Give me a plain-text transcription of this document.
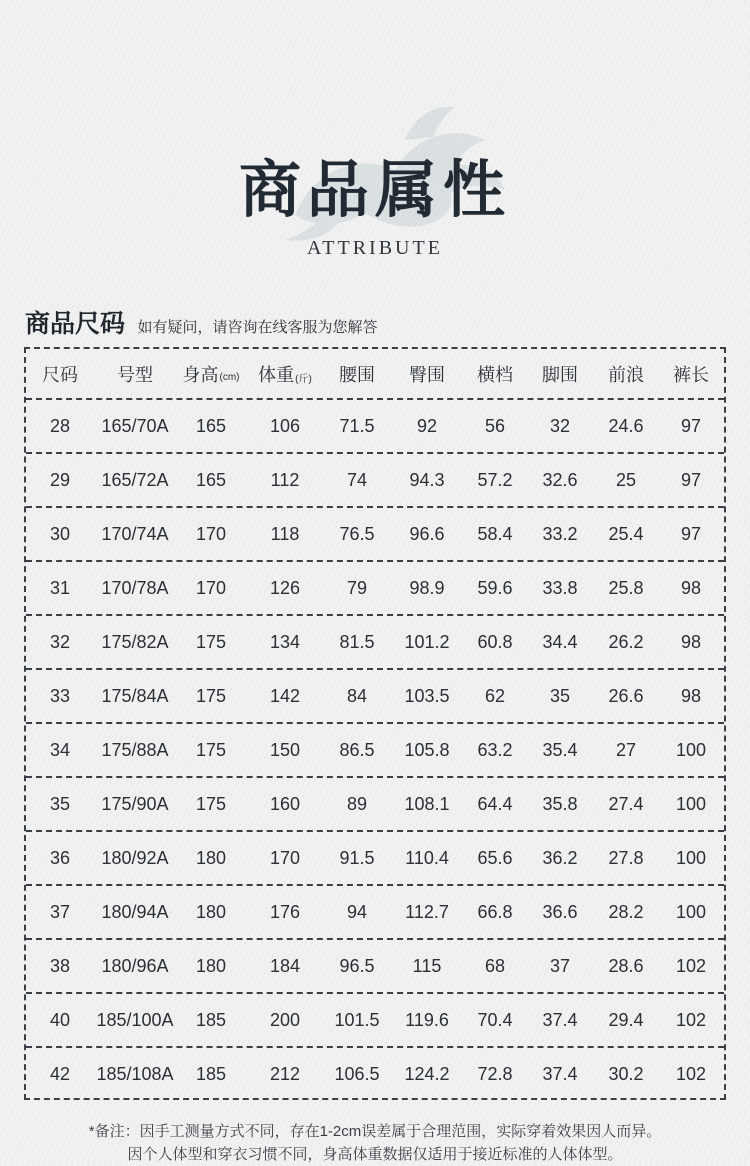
商品属性
ATTRIBUTE
商品尺码 如有疑问，请咨询在线客服为您解答
尺码 号型 身高 (cm) 体重 (斤) 腰围 臀围 横档 脚围 前浪 裤长
28	165/70A	165	106	71.5	92	56	32	24.6	97
29	165/72A	165	112	74	94.3	57.2	32.6	25	97
30	170/74A	170	118	76.5	96.6	58.4	33.2	25.4	97
31	170/78A	170	126	79	98.9	59.6	33.8	25.8	98
32	175/82A	175	134	81.5	101.2	60.8	34.4	26.2	98
33	175/84A	175	142	84	103.5	62	35	26.6	98
34	175/88A	175	150	86.5	105.8	63.2	35.4	27	100
35	175/90A	175	160	89	108.1	64.4	35.8	27.4	100
36	180/92A	180	170	91.5	110.4	65.6	36.2	27.8	100
37	180/94A	180	176	94	112.7	66.8	36.6	28.2	100
38	180/96A	180	184	96.5	115	68	37	28.6	102
40	185/100A	185	200	101.5	119.6	70.4	37.4	29.4	102
42	185/108A	185	212	106.5	124.2	72.8	37.4	30.2	102
*备注：因手工测量方式不同，存在1-2cm误差属于合理范围，实际穿着效果因人而异。
因个人体型和穿衣习惯不同，身高体重数据仅适用于接近标准的人体体型。
